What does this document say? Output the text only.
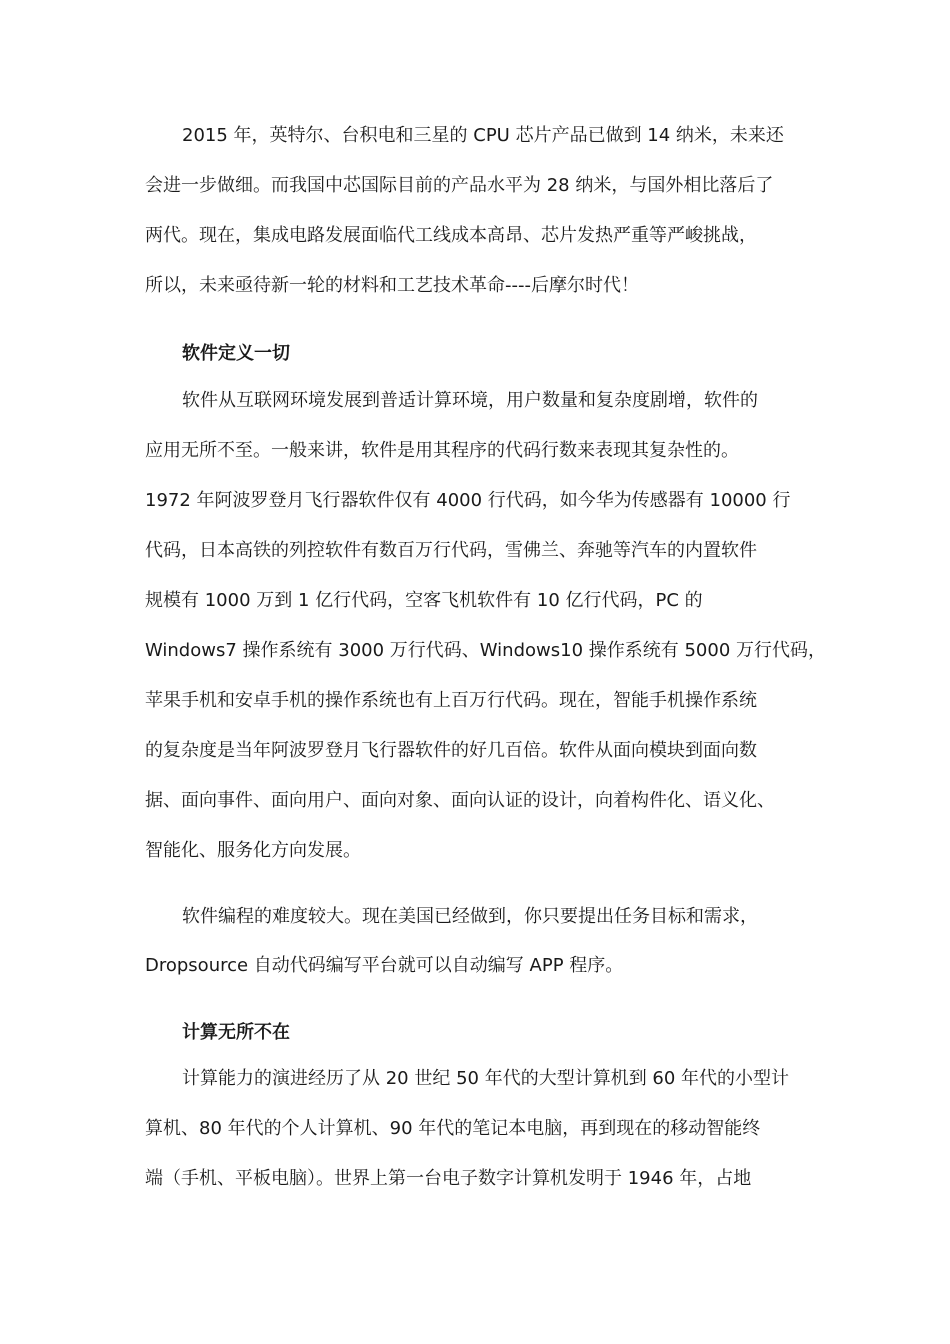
2015 年，英特尔、台积电和三星的 CPU 芯片产品已做到 14 纳米，未来还
会进一步做细。而我国中芯国际目前的产品水平为 28 纳米，与国外相比落后了
两代。现在，集成电路发展面临代工线成本高昂、芯片发热严重等严峻挑战，
所以，未来亟待新一轮的材料和工艺技术革命----后摩尔时代！
软件定义一切
软件从互联网环境发展到普适计算环境，用户数量和复杂度剧增，软件的
应用无所不至。一般来讲，软件是用其程序的代码行数来表现其复杂性的。
1972 年阿波罗登月飞行器软件仅有 4000 行代码，如今华为传感器有 10000 行
代码，日本高铁的列控软件有数百万行代码，雪佛兰、奔驰等汽车的内置软件
规模有 1000 万到 1 亿行代码，空客飞机软件有 10 亿行代码，PC 的
Windows7 操作系统有 3000 万行代码、Windows10 操作系统有 5000 万行代码，
苹果手机和安卓手机的操作系统也有上百万行代码。现在，智能手机操作系统
的复杂度是当年阿波罗登月飞行器软件的好几百倍。软件从面向模块到面向数
据、面向事件、面向用户、面向对象、面向认证的设计，向着构件化、语义化、
智能化、服务化方向发展。
软件编程的难度较大。现在美国已经做到，你只要提出任务目标和需求，
Dropsource 自动代码编写平台就可以自动编写 APP 程序。
计算无所不在
计算能力的演进经历了从 20 世纪 50 年代的大型计算机到 60 年代的小型计
算机、80 年代的个人计算机、90 年代的笔记本电脑，再到现在的移动智能终
端（手机、平板电脑）。世界上第一台电子数字计算机发明于 1946 年，占地
